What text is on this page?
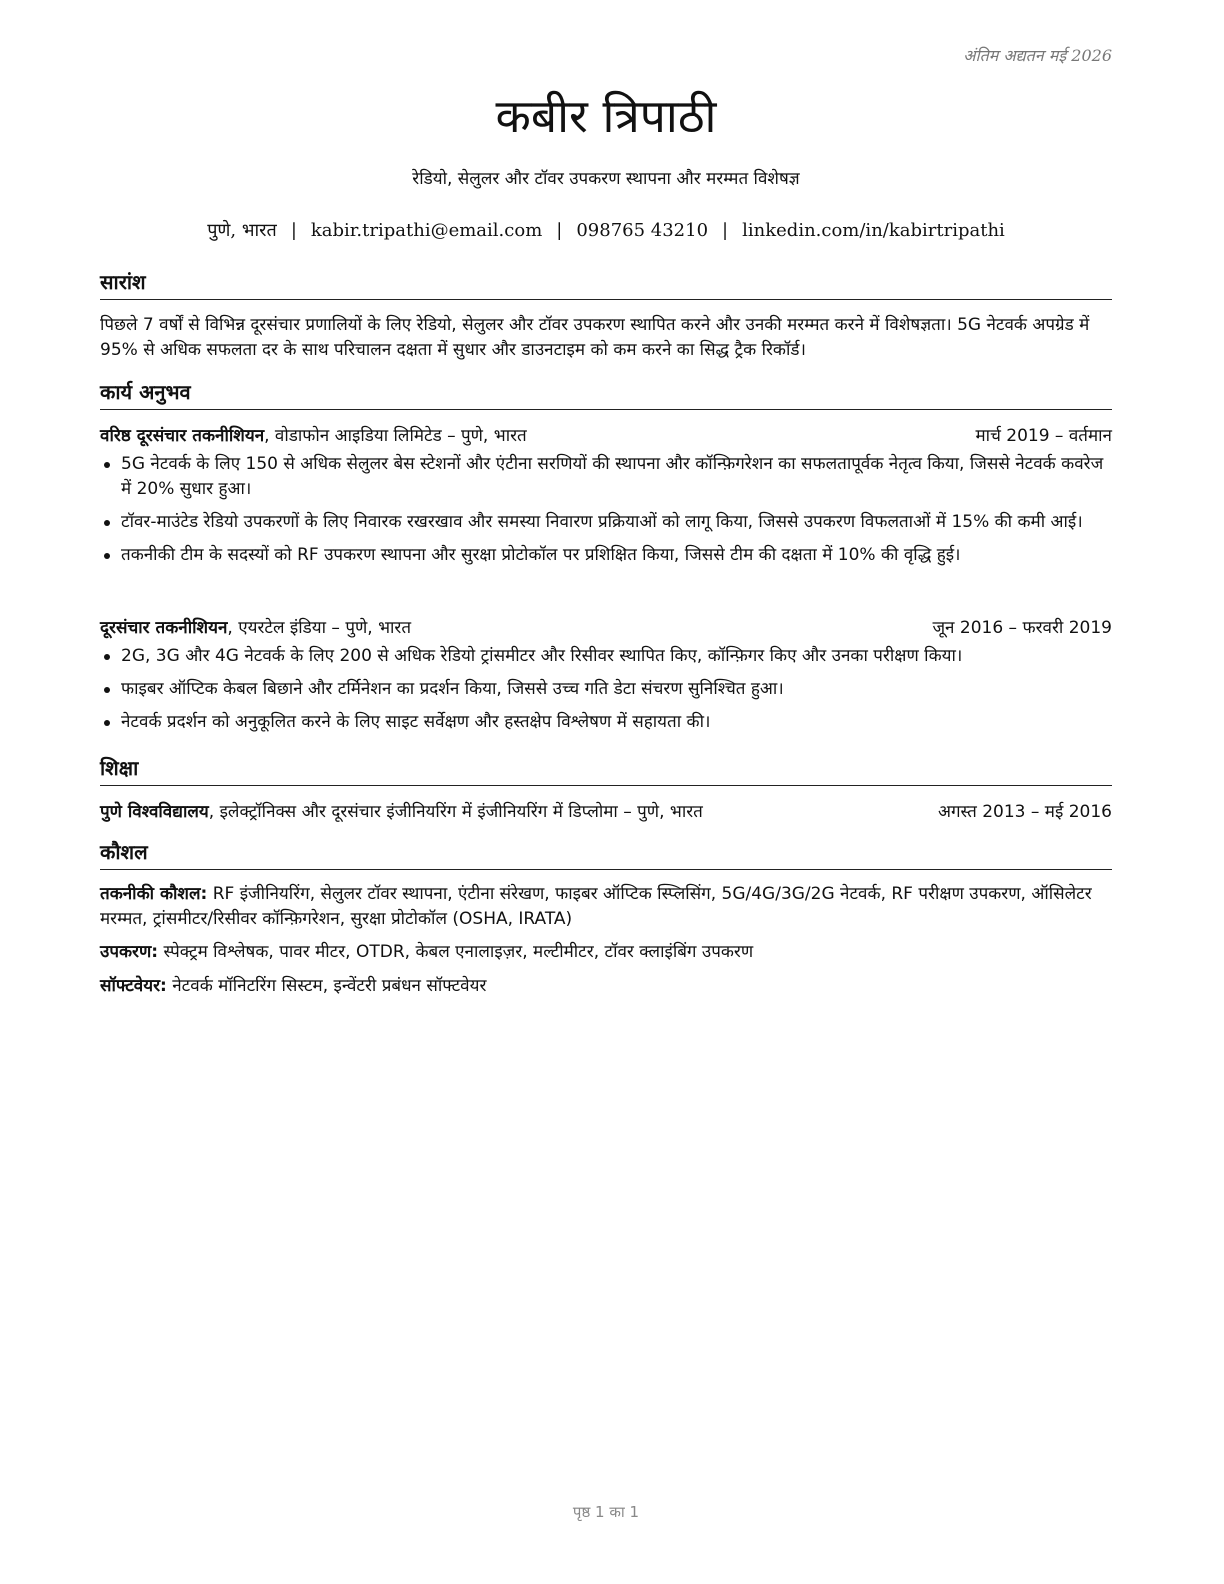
अंतिम अद्यतन मई 2026
कबीर त्रिपाठी
रेडियो, सेलुलर और टॉवर उपकरण स्थापना और मरम्मत विशेषज्ञ
पुणे, भारत | kabir.tripathi@email.com | 098765 43210 | linkedin.com/in/kabirtripathi
सारांश
पिछले 7 वर्षों से विभिन्न दूरसंचार प्रणालियों के लिए रेडियो, सेलुलर और टॉवर उपकरण स्थापित करने और उनकी मरम्मत करने में विशेषज्ञता। 5G नेटवर्क अपग्रेड में 95% से अधिक सफलता दर के साथ परिचालन दक्षता में सुधार और डाउनटाइम को कम करने का सिद्ध ट्रैक रिकॉर्ड।
कार्य अनुभव
वरिष्ठ दूरसंचार तकनीशियन, वोडाफोन आइडिया लिमिटेड – पुणे, भारत	मार्च 2019 – वर्तमान
5G नेटवर्क के लिए 150 से अधिक सेलुलर बेस स्टेशनों और एंटीना सरणियों की स्थापना और कॉन्फ़िगरेशन का सफलतापूर्वक नेतृत्व किया, जिससे नेटवर्क कवरेज में 20% सुधार हुआ।
टॉवर-माउंटेड रेडियो उपकरणों के लिए निवारक रखरखाव और समस्या निवारण प्रक्रियाओं को लागू किया, जिससे उपकरण विफलताओं में 15% की कमी आई।
तकनीकी टीम के सदस्यों को RF उपकरण स्थापना और सुरक्षा प्रोटोकॉल पर प्रशिक्षित किया, जिससे टीम की दक्षता में 10% की वृद्धि हुई।
दूरसंचार तकनीशियन, एयरटेल इंडिया – पुणे, भारत	जून 2016 – फरवरी 2019
2G, 3G और 4G नेटवर्क के लिए 200 से अधिक रेडियो ट्रांसमीटर और रिसीवर स्थापित किए, कॉन्फ़िगर किए और उनका परीक्षण किया।
फाइबर ऑप्टिक केबल बिछाने और टर्मिनेशन का प्रदर्शन किया, जिससे उच्च गति डेटा संचरण सुनिश्चित हुआ।
नेटवर्क प्रदर्शन को अनुकूलित करने के लिए साइट सर्वेक्षण और हस्तक्षेप विश्लेषण में सहायता की।
शिक्षा
पुणे विश्वविद्यालय, इलेक्ट्रॉनिक्स और दूरसंचार इंजीनियरिंग में इंजीनियरिंग में डिप्लोमा – पुणे, भारत	अगस्त 2013 – मई 2016
कौशल
तकनीकी कौशल: RF इंजीनियरिंग, सेलुलर टॉवर स्थापना, एंटीना संरेखण, फाइबर ऑप्टिक स्प्लिसिंग, 5G/4G/3G/2G नेटवर्क, RF परीक्षण उपकरण, ऑसिलेटर मरम्मत, ट्रांसमीटर/रिसीवर कॉन्फ़िगरेशन, सुरक्षा प्रोटोकॉल (OSHA, IRATA)
उपकरण: स्पेक्ट्रम विश्लेषक, पावर मीटर, OTDR, केबल एनालाइज़र, मल्टीमीटर, टॉवर क्लाइंबिंग उपकरण
सॉफ्टवेयर: नेटवर्क मॉनिटरिंग सिस्टम, इन्वेंटरी प्रबंधन सॉफ्टवेयर
पृष्ठ 1 का 1
